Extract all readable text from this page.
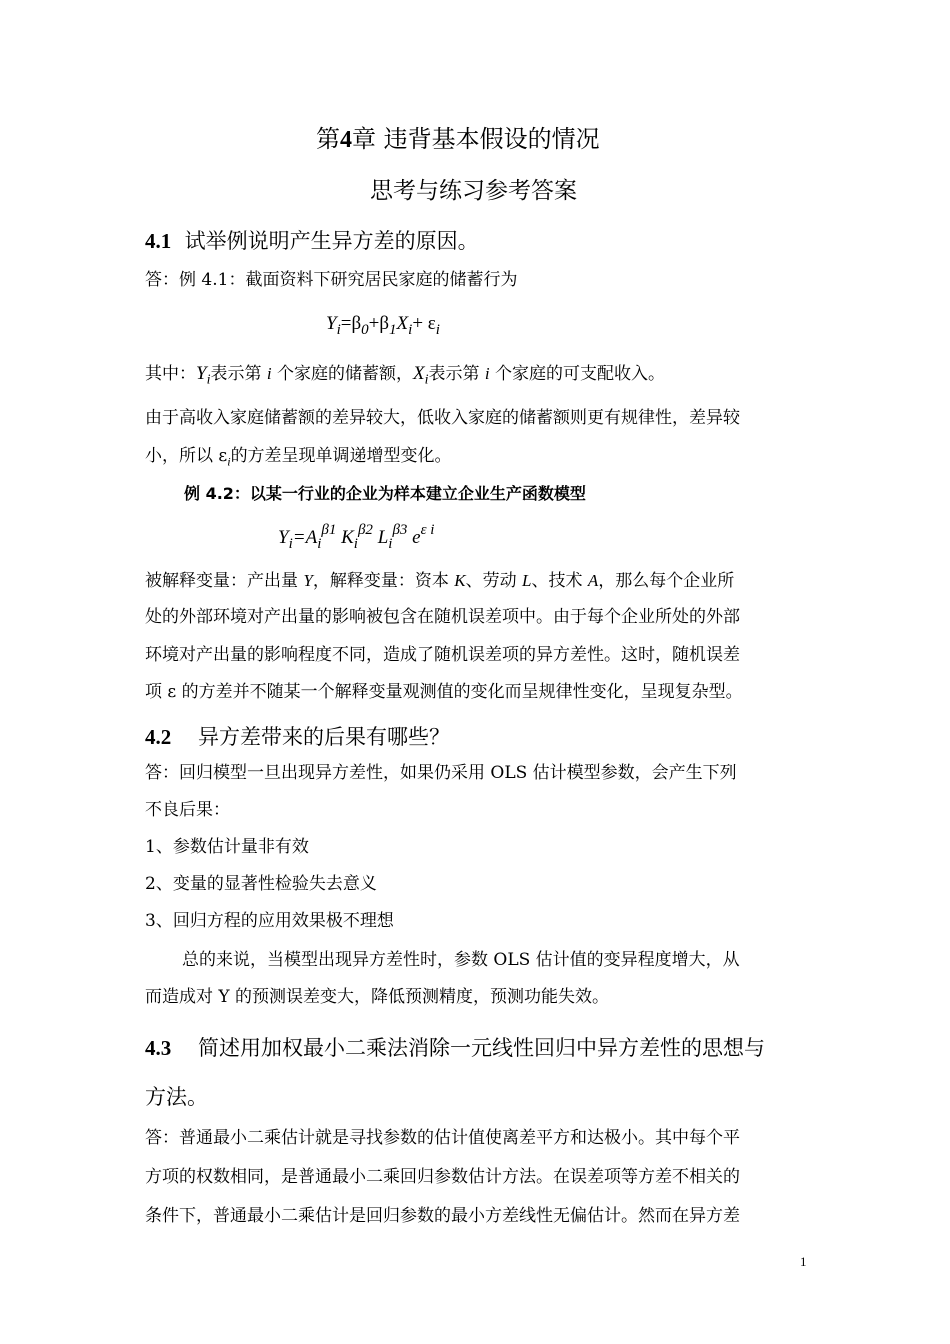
第4章 违背基本假设的情况
思考与练习参考答案
4.1 试举例说明产生异方差的原因。
答：例 4.1：截面资料下研究居民家庭的储蓄行为
$Y_i=\beta_0+\beta_1X_i+ \varepsilon_i$
其中：$Y_i$表示第 i 个家庭的储蓄额，$X_i$表示第 i 个家庭的可支配收入。
由于高收入家庭储蓄额的差异较大，低收入家庭的储蓄额则更有规律性，差异较
小，所以 $\varepsilon_i$的方差呈现单调递增型变化。
例 4.2：以某一行业的企业为样本建立企业生产函数模型
$Y_i=A_i^{\beta 1}$ $K_i^{\beta 2}$ $L_i^{\beta 3}$ $e^{\varepsilon i}$
被解释变量：产出量 Y，解释变量：资本 K、劳动 L、技术 A，那么每个企业所
处的外部环境对产出量的影响被包含在随机误差项中。由于每个企业所处的外部
环境对产出量的影响程度不同，造成了随机误差项的异方差性。这时，随机误差
项 ε 的方差并不随某一个解释变量观测值的变化而呈规律性变化，呈现复杂型。
4.2 异方差带来的后果有哪些？
答：回归模型一旦出现异方差性，如果仍采用 OLS 估计模型参数，会产生下列
不良后果：
1、参数估计量非有效
2、变量的显著性检验失去意义
3、回归方程的应用效果极不理想
总的来说，当模型出现异方差性时，参数 OLS 估计值的变异程度增大，从
而造成对 Y 的预测误差变大，降低预测精度，预测功能失效。
4.3 简述用加权最小二乘法消除一元线性回归中异方差性的思想与
方法。
答：普通最小二乘估计就是寻找参数的估计值使离差平方和达极小。其中每个平
方项的权数相同，是普通最小二乘回归参数估计方法。在误差项等方差不相关的
条件下，普通最小二乘估计是回归参数的最小方差线性无偏估计。然而在异方差
1
